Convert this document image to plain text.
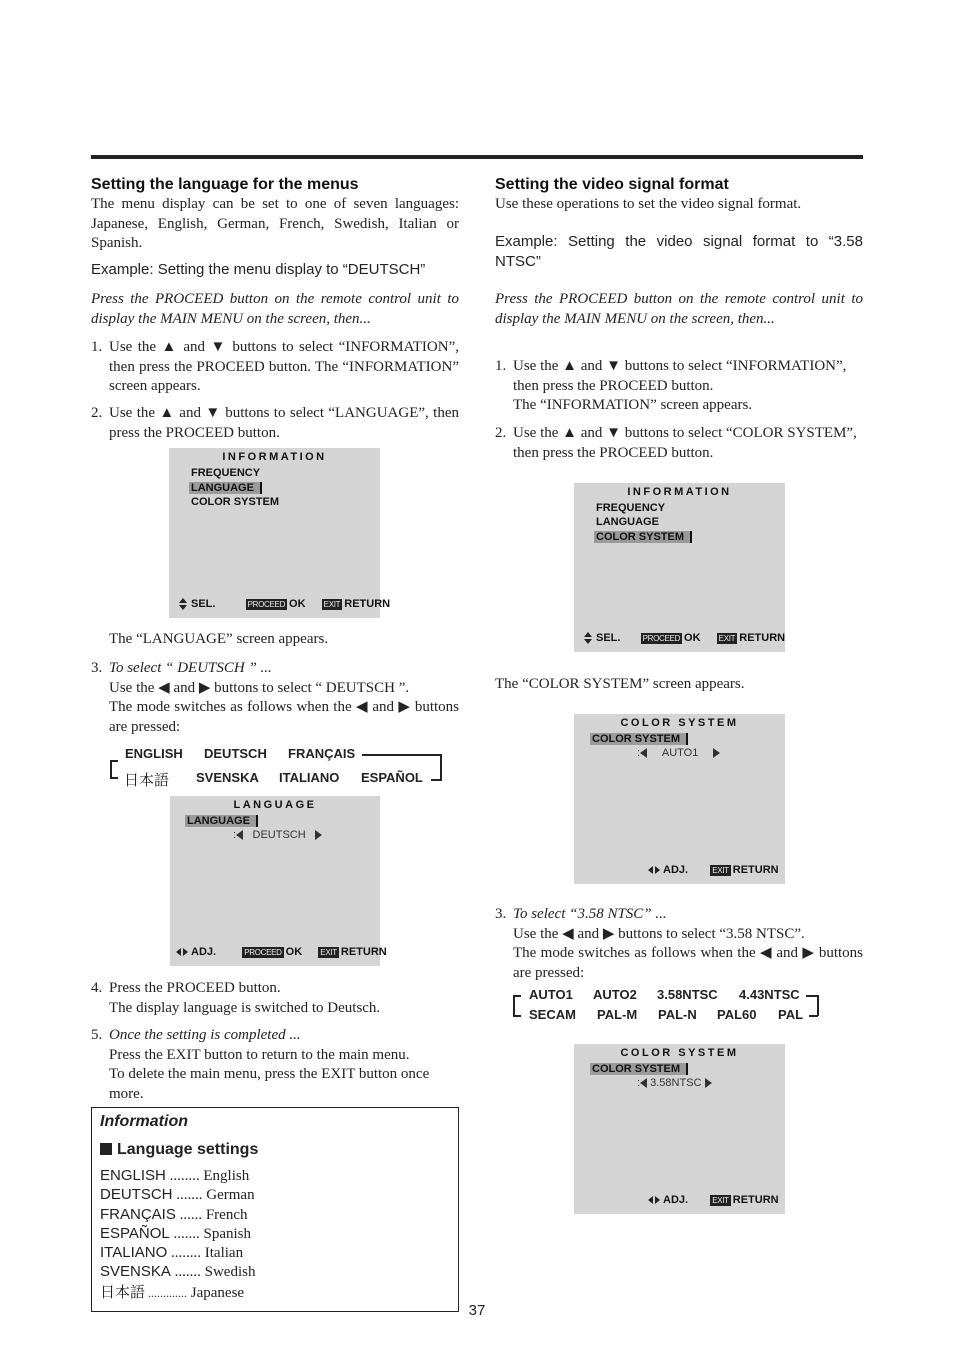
Setting the language for the menus
The menu display can be set to one of seven languages: Japanese, English, German, French, Swedish, Italian or Spanish.
Example: Setting the menu display to “DEUTSCH”
Press the PROCEED button on the remote control unit to display the MAIN MENU on the screen, then...
1. Use the ▲ and ▼ buttons to select “INFORMATION”, then press the PROCEED button. The “INFORMATION” screen appears.
2. Use the ▲ and ▼ buttons to select “LANGUAGE”, then press the PROCEED button.
INFORMATION
FREQUENCY
LANGUAGE
COLOR SYSTEM
SEL.	PROCEED OK EXIT RETURN
The “LANGUAGE” screen appears.
3. To select “ DEUTSCH ” ...
Use the ◀ and ▶ buttons to select “ DEUTSCH ”.
The mode switches as follows when the ◀ and ▶ buttons are pressed:
ENGLISH DEUTSCH FRANÇAIS
日本語 SVENSKA ITALIANO ESPAÑOL
LANGUAGE
LANGUAGE
: DEUTSCH
ADJ.	PROCEED OK EXIT RETURN
4. Press the PROCEED button.
The display language is switched to Deutsch.
5. Once the setting is completed ...
Press the EXIT button to return to the main menu.
To delete the main menu, press the EXIT button once more.
Information
Language settings
ENGLISH ........ English
DEUTSCH ....... German
FRANÇAIS ...... French
ESPAÑOL ....... Spanish
ITALIANO ........ Italian
SVENSKA ....... Swedish
日本語 ............. Japanese
Setting the video signal format
Use these operations to set the video signal format.
Example: Setting the video signal format to “3.58 NTSC”
Press the PROCEED button on the remote control unit to display the MAIN MENU on the screen, then...
1. Use the ▲ and ▼ buttons to select “INFORMATION”, then press the PROCEED button.
The “INFORMATION” screen appears.
2. Use the ▲ and ▼ buttons to select “COLOR SYSTEM”, then press the PROCEED button.
INFORMATION
FREQUENCY
LANGUAGE
COLOR SYSTEM
SEL.	PROCEED OK EXIT RETURN
The “COLOR SYSTEM” screen appears.
COLOR SYSTEM
COLOR SYSTEM
: AUTO1
ADJ.	EXIT RETURN
3. To select “3.58 NTSC” ...
Use the ◀ and ▶ buttons to select “3.58 NTSC”.
The mode switches as follows when the ◀ and ▶ buttons are pressed:
AUTO1 AUTO2 3.58NTSC 4.43NTSC
SECAM PAL-M PAL-N PAL60 PAL
COLOR SYSTEM
COLOR SYSTEM
: 3.58NTSC
ADJ.	EXIT RETURN
37
